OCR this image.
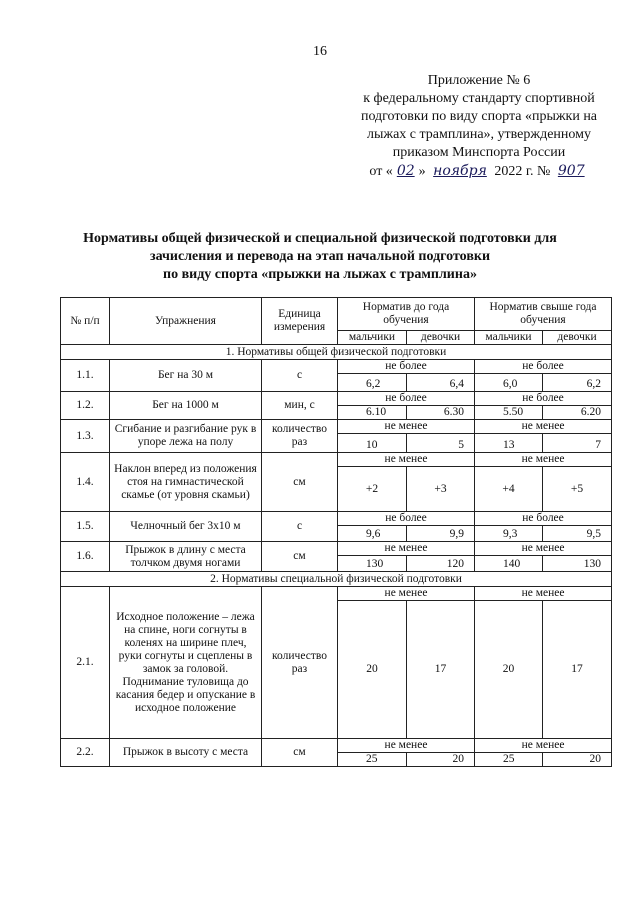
16
Приложение № 6
к федеральному стандарту спортивной
подготовки по виду спорта «прыжки на
лыжах с трамплина», утвержденному
приказом Минспорта России
от « 02 » ноября 2022 г. № 907
Нормативы общей физической и специальной физической подготовки для
зачисления и перевода на этап начальной подготовки
по виду спорта «прыжки на лыжах с трамплина»
№ п/п	Упражнения	Единица измерения	Норматив до года обучения		Норматив свыше года обучения	
			мальчики	девочки	мальчики	девочки
1. Нормативы общей физической подготовки						
1.1.	Бег на 30 м	с	не более		не более	
			6,2	6,4	6,0	6,2
1.2.	Бег на 1000 м	мин, с	не более		не более	
			6.10	6.30	5.50	6.20
1.3.	Сгибание и разгибание рук в упоре лежа на полу	количество раз	не менее		не менее	
			10	5	13	7
1.4.	Наклон вперед из положения стоя на гимнастической скамье (от уровня скамьи)	см	не менее		не менее	
			+2	+3	+4	+5
1.5.	Челночный бег 3х10 м	с	не более		не более	
			9,6	9,9	9,3	9,5
1.6.	Прыжок в длину с места толчком двумя ногами	см	не менее		не менее	
			130	120	140	130
2. Нормативы специальной физической подготовки						
2.1.	Исходное положение – лежа на спине, ноги согнуты в коленях на ширине плеч, руки согнуты и сцеплены в замок за головой. Поднимание туловища до касания бедер и опускание в исходное положение	количество раз	не менее		не менее	
			20	17	20	17
2.2.	Прыжок в высоту с места	см	не менее		не менее	
			25	20	25	20
